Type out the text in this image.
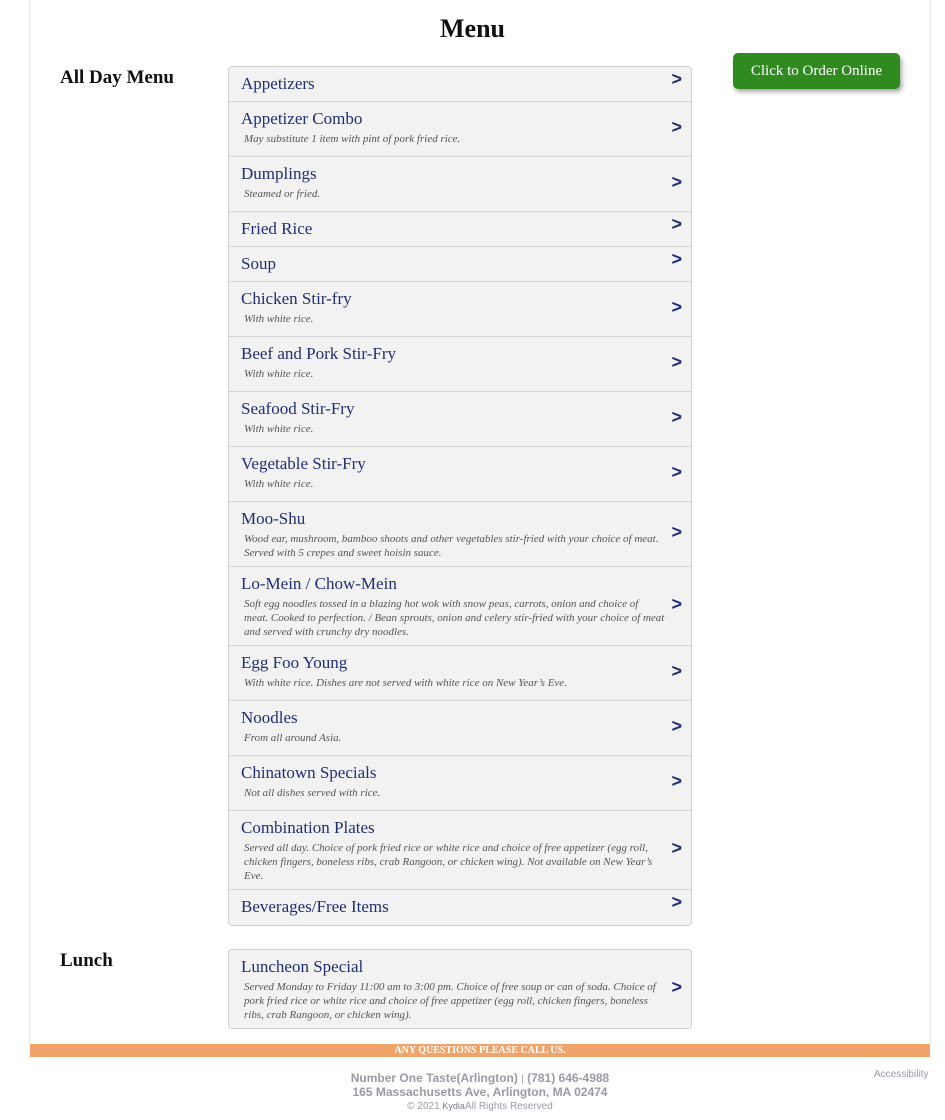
Menu
Click to Order Online
All Day Menu
Lunch
Appetizers	>
Appetizer Combo
May substitute 1 item with pint of pork fried rice.
>
Dumplings
Steamed or fried.
>
Fried Rice	>
Soup	>
Chicken Stir-fry
With white rice.
>
Beef and Pork Stir-Fry
With white rice.
>
Seafood Stir-Fry
With white rice.
>
Vegetable Stir-Fry
With white rice.
>
Moo-Shu
Wood ear, mushroom, bamboo shoots and other vegetables stir-fried with your choice of meat. Served with 5 crepes and sweet hoisin sauce.
>
Lo-Mein / Chow-Mein
Soft egg noodles tossed in a blazing hot wok with snow peas, carrots, onion and choice of meat. Cooked to perfection. / Bean sprouts, onion and celery stir-fried with your choice of meat and served with crunchy dry noodles.
>
Egg Foo Young
With white rice. Dishes are not served with white rice on New Year’s Eve.
>
Noodles
From all around Asia.
>
Chinatown Specials
Not all dishes served with rice.
>
Combination Plates
Served all day. Choice of pork fried rice or white rice and choice of free appetizer (egg roll, chicken fingers, boneless ribs, crab Rangoon, or chicken wing). Not available on New Year’s Eve.
>
Beverages/Free Items	>
Luncheon Special
Served Monday to Friday 11:00 am to 3:00 pm. Choice of free soup or can of soda. Choice of pork fried rice or white rice and choice of free appetizer (egg roll, chicken fingers, boneless ribs, crab Rangoon, or chicken wing).
>
ANY QUESTIONS PLEASE CALL US.
Number One Taste(Arlington) | (781) 646-4988
165 Massachusetts Ave, Arlington, MA 02474
© 2021 KydiaAll Rights Reserved
Accessibility
